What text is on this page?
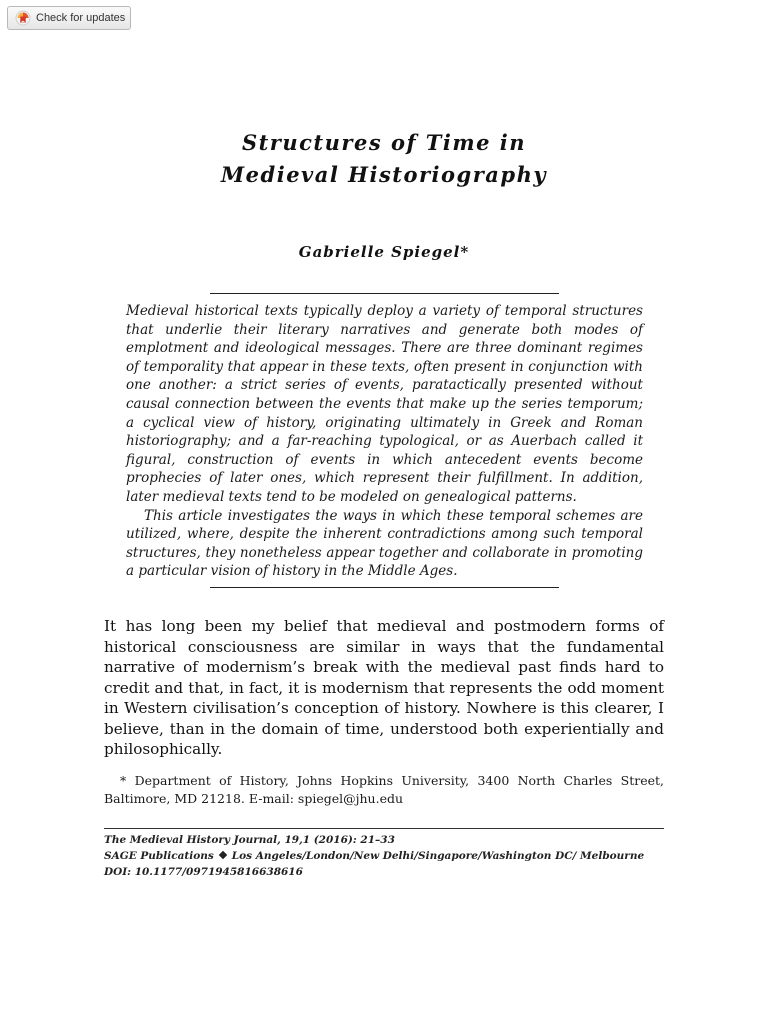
Check for updates
Structures of Time in
Medieval Historiography
Gabrielle Spiegel*

Medieval historical texts typically deploy a variety of temporal structures that underlie their literary narratives and generate both modes of emplotment and ideological messages. There are three dominant regimes of temporality that appear in these texts, often present in conjunction with one another: a strict series of events, paratactically presented without causal connection between the events that make up the series temporum; a cyclical view of history, originating ultimately in Greek and Roman historiography; and a far-reaching typological, or as Auerbach called it figural, construction of events in which antecedent events become prophecies of later ones, which represent their fulfillment. In addition, later medieval texts tend to be modeled on genealogical patterns.

This article investigates the ways in which these temporal schemes are utilized, where, despite the inherent contradictions among such temporal structures, they nonetheless appear together and collaborate in promoting a particular vision of history in the Middle Ages.

It has long been my belief that medieval and postmodern forms of historical consciousness are similar in ways that the fundamental narrative of modernism’s break with the medieval past finds hard to credit and that, in fact, it is modernism that represents the odd moment in Western civilisation’s conception of history. Nowhere is this clearer, I believe, than in the domain of time, understood both experientially and philosophically.

* Department of History, Johns Hopkins University, 3400 North Charles Street, Baltimore, MD 21218. E-mail: spiegel@jhu.edu

The Medieval History Journal, 19,1 (2016): 21–33
SAGE Publications Los Angeles/London/New Delhi/Singapore/Washington DC/ Melbourne
DOI: 10.1177/0971945816638616
